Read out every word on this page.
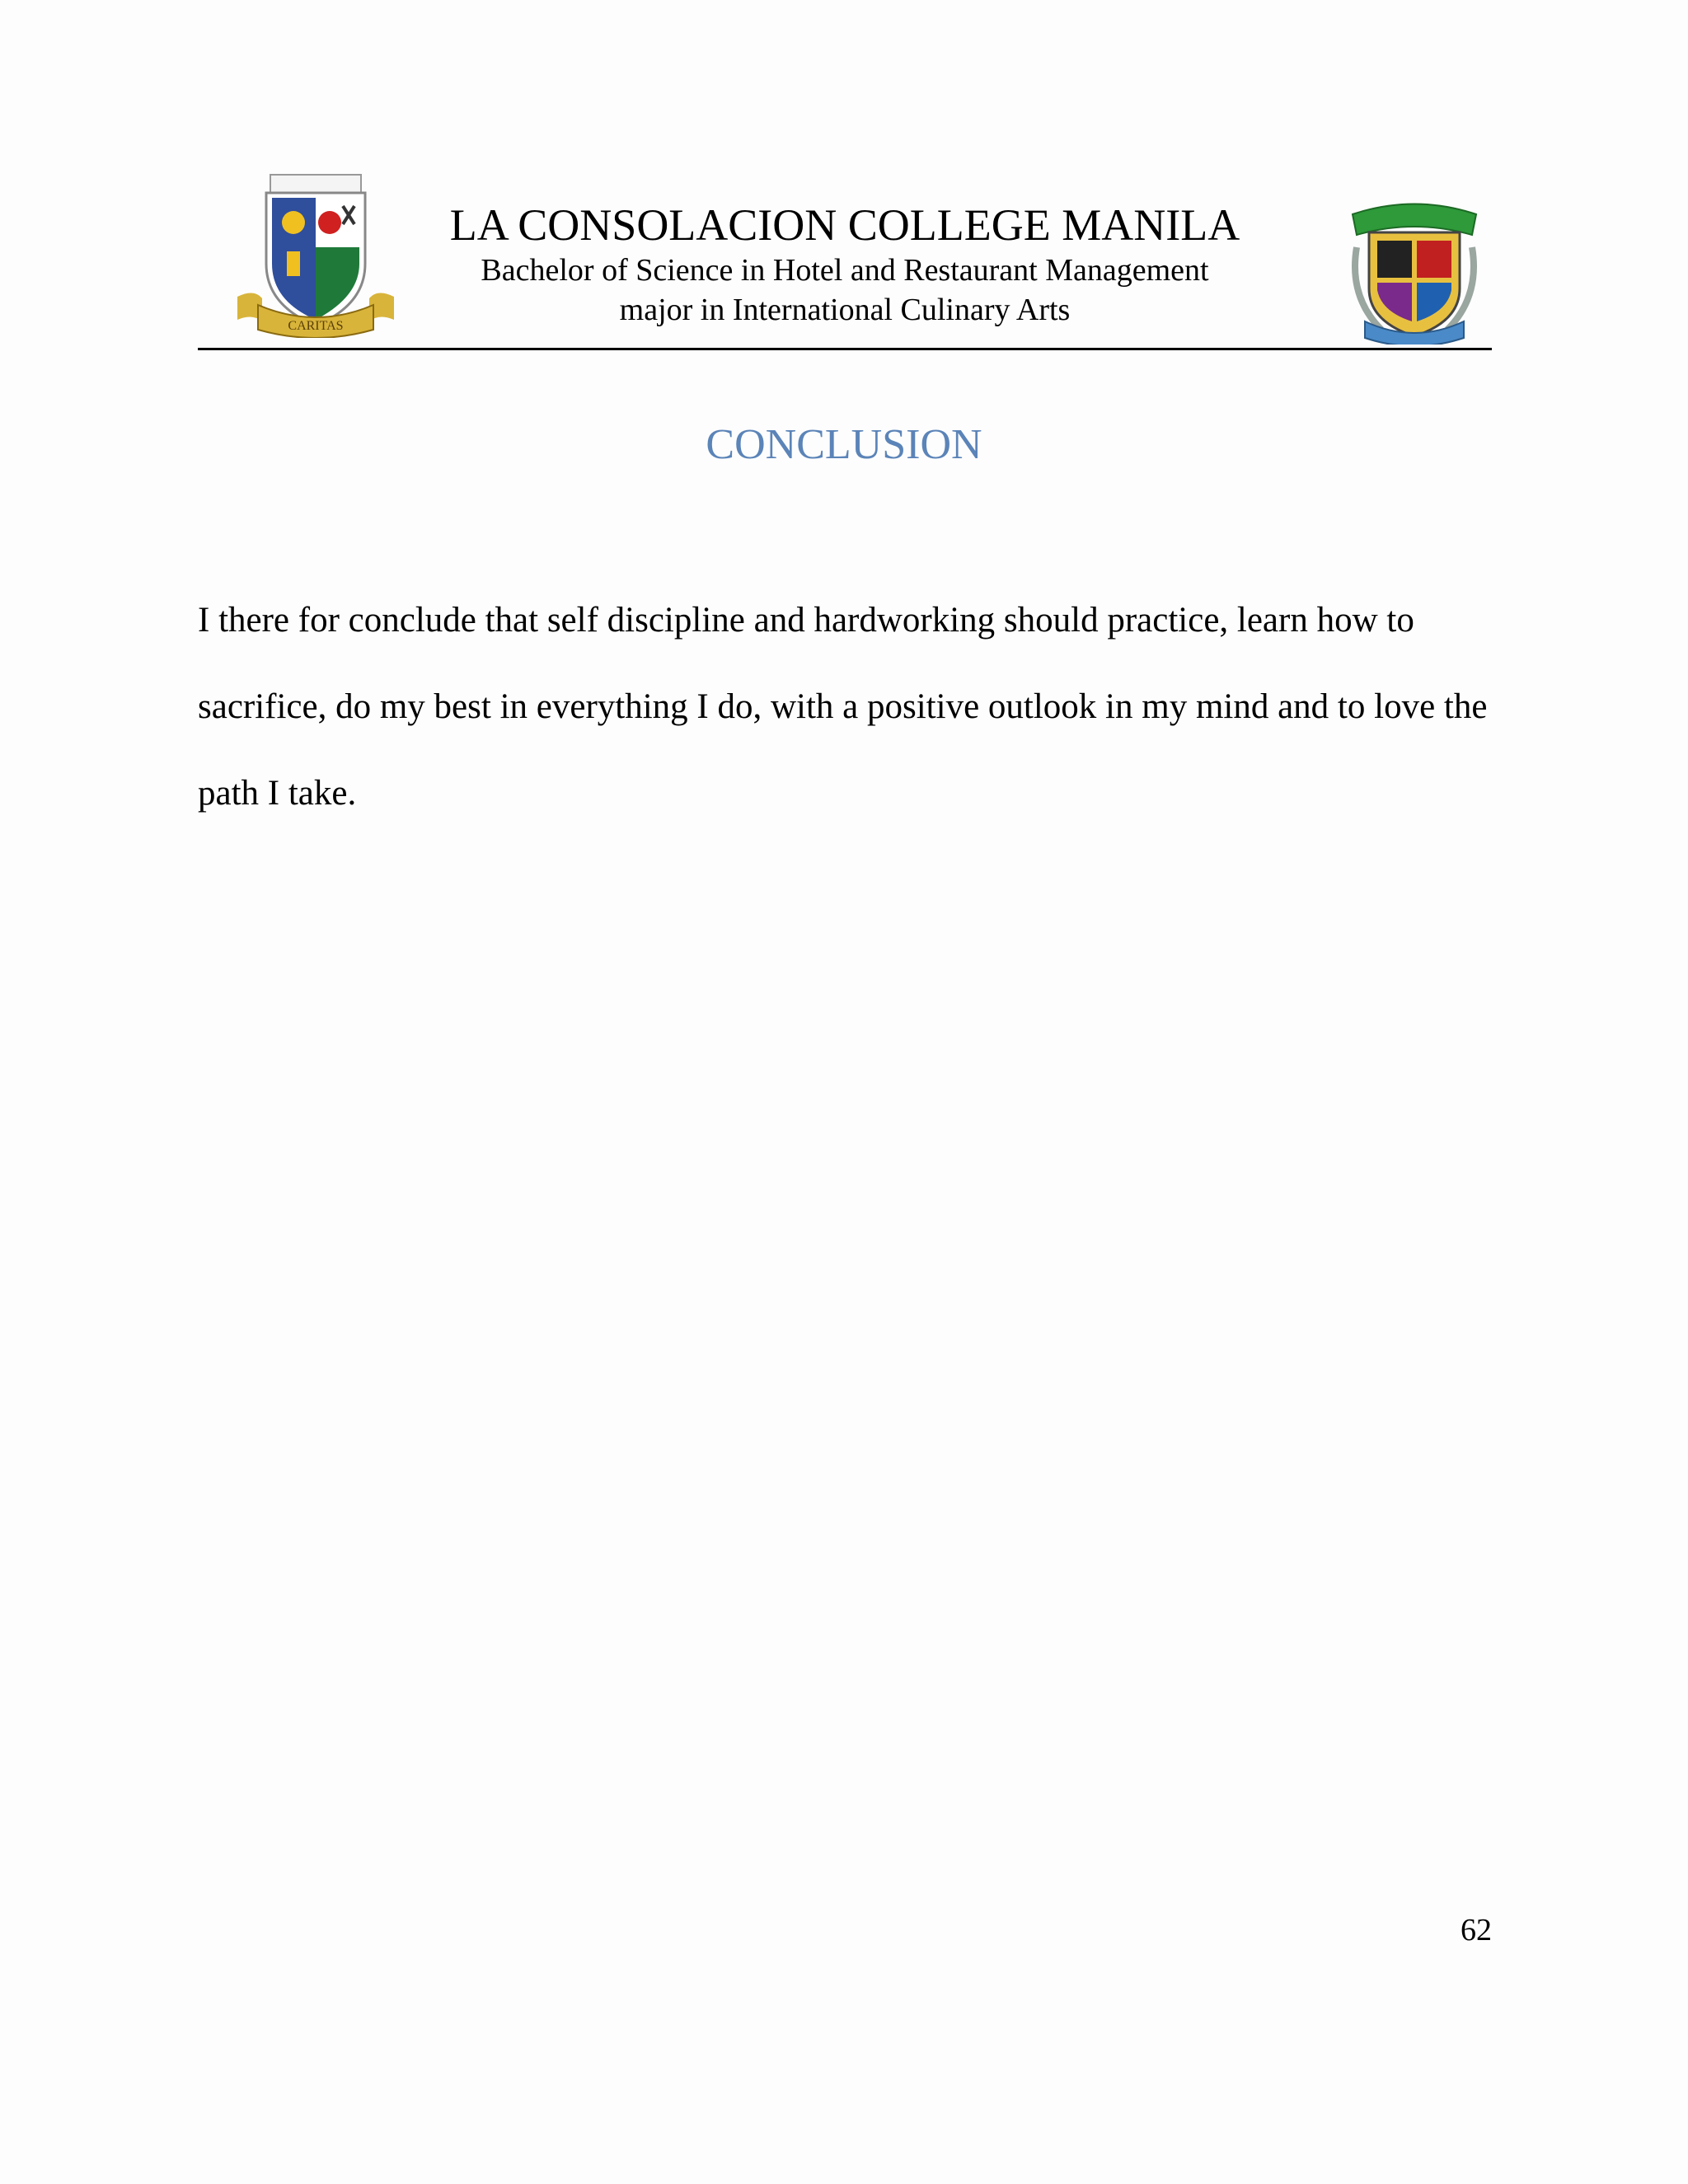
CARITAS
LA CONSOLACION COLLEGE MANILA
Bachelor of Science in Hotel and Restaurant Management
major in International Culinary Arts
CONCLUSION
I there for conclude that self discipline and hardworking should practice, learn how to sacrifice, do my best in everything I do, with a positive outlook in my mind and to love the path I take.
62
